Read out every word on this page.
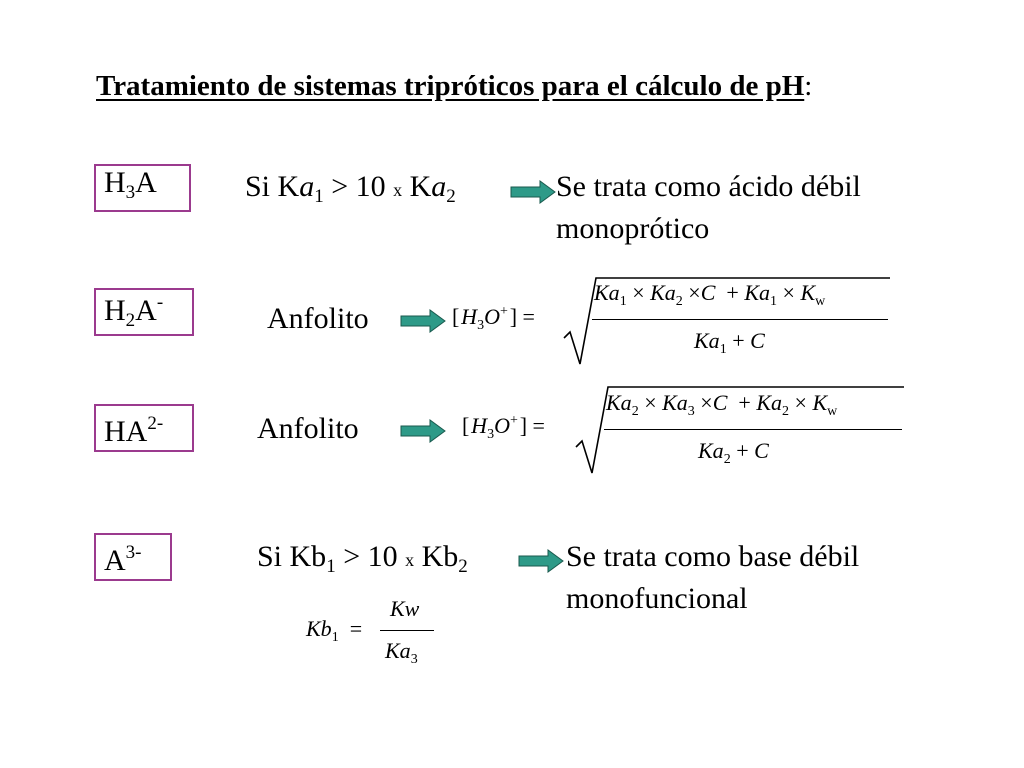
Tratamiento de sistemas tripróticos para el cálculo de pH:
$H_3A$	Si $Ka_1 > 10$ x $Ka_2$	Se trata como ácido débil
monoprótico
$H_2A^-$	Anfolito	[ $H_3O^+$ ] =
$Ka_1 \times Ka_2 \times C + Ka_1 \times K_w$
$Ka_1 + C$
$HA^{2-}$	Anfolito	[ $H_3O^+$ ] =
$Ka_2 \times Ka_3 \times C + Ka_2 \times K_w$
$Ka_2 + C$
$A^{3-}$	Si $Kb_1 > 10$ x $Kb_2$	Se trata como base débil
monofuncional
$Kb_1$ =
Kw
$Ka_3$
